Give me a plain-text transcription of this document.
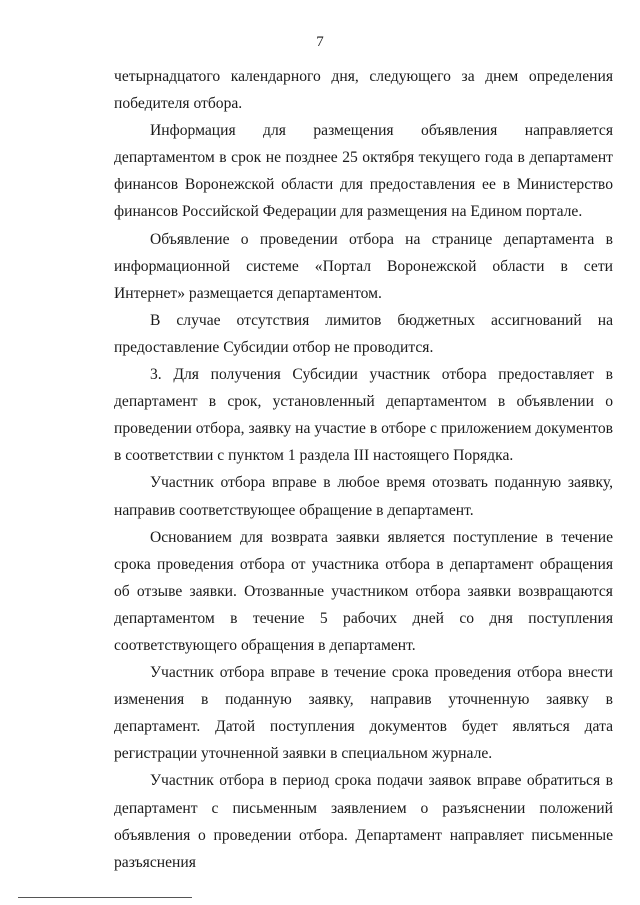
7

четырнадцатого календарного дня, следующего за днем определения победителя отбора.

Информация для размещения объявления направляется департаментом в срок не позднее 25 октября текущего года в департамент финансов Воронежской области для предоставления ее в Министерство финансов Российской Федерации для размещения на Едином портале.

Объявление о проведении отбора на странице департамента в информационной системе «Портал Воронежской области в сети Интернет» размещается департаментом.

В случае отсутствия лимитов бюджетных ассигнований на предоставление Субсидии отбор не проводится.

3. Для получения Субсидии участник отбора предоставляет в департамент в срок, установленный департаментом в объявлении о проведении отбора, заявку на участие в отборе с приложением документов в соответствии с пунктом 1 раздела III настоящего Порядка.

Участник отбора вправе в любое время отозвать поданную заявку, направив соответствующее обращение в департамент.

Основанием для возврата заявки является поступление в течение срока проведения отбора от участника отбора в департамент обращения об отзыве заявки. Отозванные участником отбора заявки возвращаются департаментом в течение 5 рабочих дней со дня поступления соответствующего обращения в департамент.

Участник отбора вправе в течение срока проведения отбора внести изменения в поданную заявку, направив уточненную заявку в департамент. Датой поступления документов будет являться дата регистрации уточненной заявки в специальном журнале.

Участник отбора в период срока подачи заявок вправе обратиться в департамент с письменным заявлением о разъяснении положений объявления о проведении отбора. Департамент направляет письменные разъяснения
